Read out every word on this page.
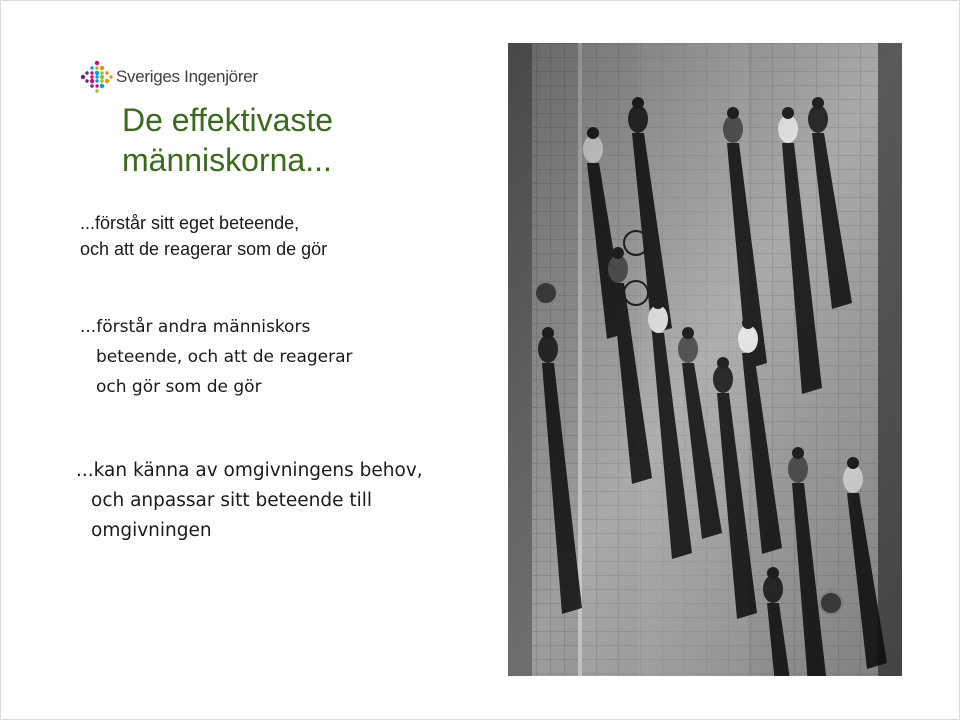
Sveriges Ingenjörer
De effektivaste
människorna...
...förstår sitt eget beteende,
och att de reagerar som de gör
...förstår andra människors
beteende, och att de reagerar
och gör som de gör
...kan känna av omgivningens behov,
och anpassar sitt beteende till
omgivningen
